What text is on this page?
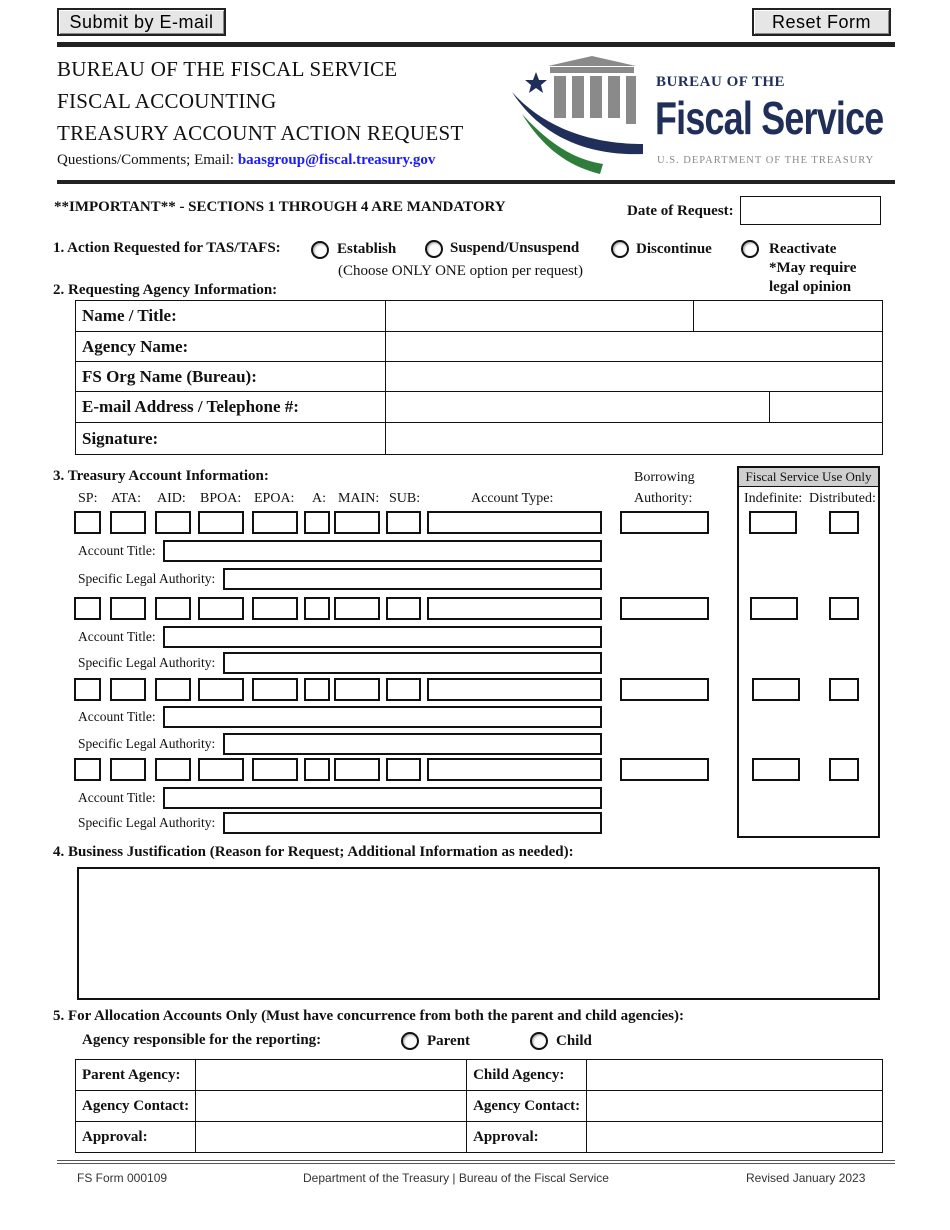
Submit by E-mail	Reset Form
BUREAU OF THE FISCAL SERVICE
FISCAL ACCOUNTING
TREASURY ACCOUNT ACTION REQUEST
Questions/Comments; Email: baasgroup@fiscal.treasury.gov
BUREAU OF THE
Fiscal Service
U.S. DEPARTMENT OF THE TREASURY
**IMPORTANT** - SECTIONS 1 THROUGH 4 ARE MANDATORY	Date of Request:
1. Action Requested for TAS/TAFS:	Establish	Suspend/Unsuspend	Discontinue	Reactivate
(Choose ONLY ONE option per request)	*May require
legal opinion
2. Requesting Agency Information:
Name / Title:		
Agency Name:		
FS Org Name (Bureau):		
E-mail Address / Telephone #:		

Signature:		
3. Treasury Account Information:
SP: ATA: AID: BPOA: EPOA: A: MAIN: SUB:	Account Type:
Borrowing
Authority:
Fiscal Service Use Only
Indefinite: Distributed:
Account Title:
Specific Legal Authority:
Account Title:
Specific Legal Authority:
Account Title:
Specific Legal Authority:
Account Title:
Specific Legal Authority:
4. Business Justification (Reason for Request; Additional Information as needed):
5. For Allocation Accounts Only (Must have concurrence from both the parent and child agencies):
Agency responsible for the reporting:	Parent	Child
Parent Agency:		Child Agency:	
Agency Contact:		Agency Contact:	
Approval:		Approval:	
FS Form 000109	Department of the Treasury | Bureau of the Fiscal Service	Revised January 2023
